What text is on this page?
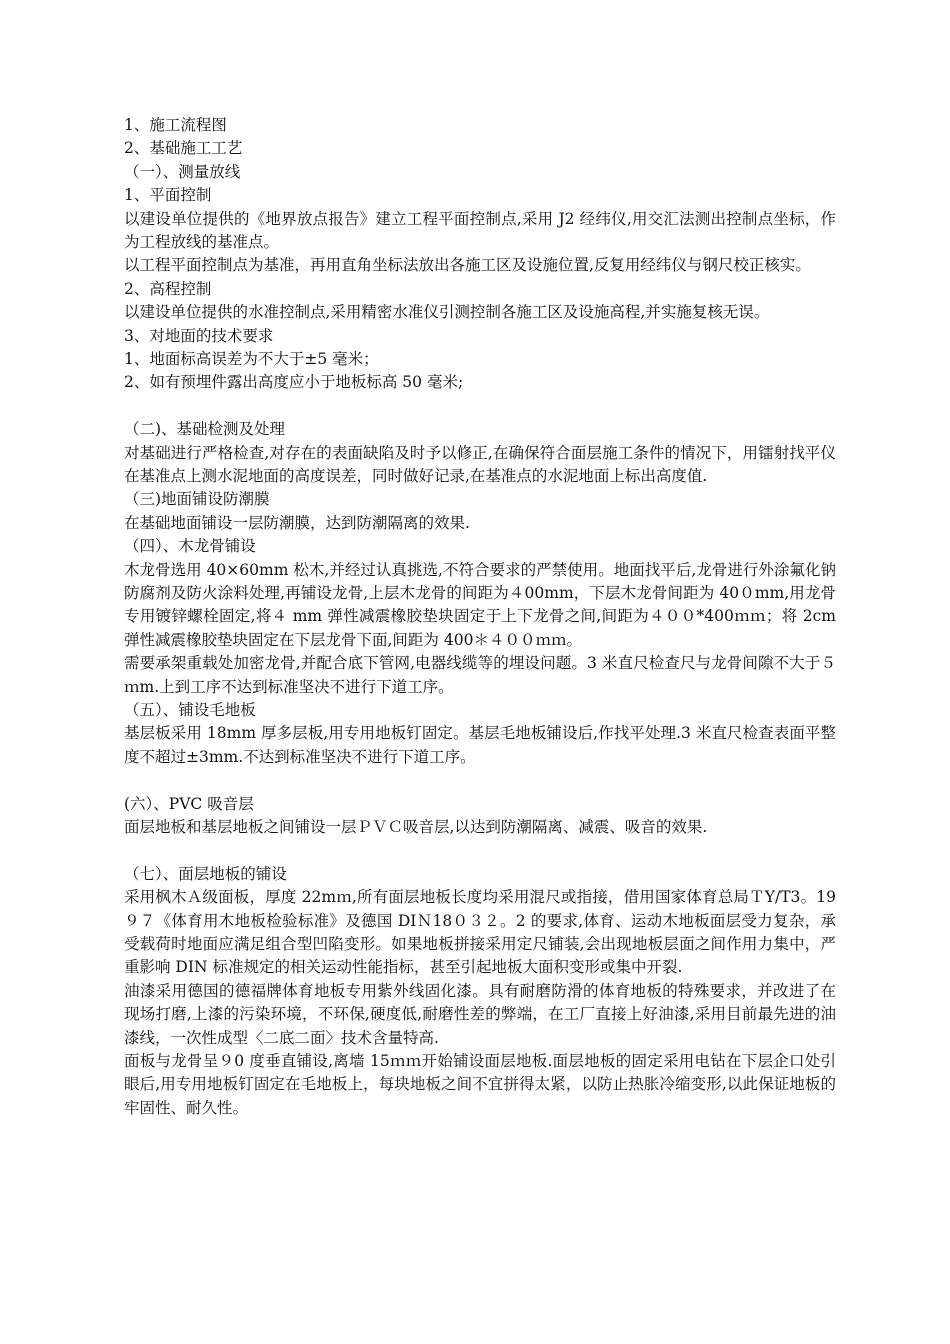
1、施工流程图
2、基础施工工艺
（一）、测量放线
1、平面控制
以建设单位提供的《地界放点报告》建立工程平面控制点,采用 J2 经纬仪,用交汇法测出控制点坐标，作为工程放线的基准点。
以工程平面控制点为基准，再用直角坐标法放出各施工区及设施位置,反复用经纬仪与钢尺校正核实。
2、高程控制
以建设单位提供的水准控制点,采用精密水准仪引测控制各施工区及设施高程,并实施复核无误。
3、对地面的技术要求
1、地面标高误差为不大于±5 毫米；
2、如有预埋件露出高度应小于地板标高 50 毫米;
（二)、基础检测及处理
对基础进行严格检查,对存在的表面缺陷及时予以修正,在确保符合面层施工条件的情况下，用镭射找平仪在基准点上测水泥地面的高度误差，同时做好记录,在基准点的水泥地面上标出高度值.
（三)地面铺设防潮膜
在基础地面铺设一层防潮膜，达到防潮隔离的效果.
（四）、木龙骨铺设
木龙骨选用 40×60mm 松木,并经过认真挑选,不符合要求的严禁使用。地面找平后,龙骨进行外涂氟化钠防腐剂及防火涂料处理,再铺设龙骨,上层木龙骨的间距为４00mm，下层木龙骨间距为 40０mm,用龙骨专用镀锌螺栓固定,将４ mm 弹性减震橡胶垫块固定于上下龙骨之间,间距为４００*400ｍｍ；将 2cm 弹性减震橡胶垫块固定在下层龙骨下面,间距为 400＊４００ｍｍ。
需要承架重载处加密龙骨,并配合底下管网,电器线缆等的埋设问题。3 米直尺检查尺与龙骨间隙不大于５ｍm.上到工序不达到标准坚决不进行下道工序。
（五）、铺设毛地板
基层板采用 18mm 厚多层板,用专用地板钉固定。基层毛地板铺设后,作找平处理.3 米直尺检查表面平整度不超过±3mm.不达到标准坚决不进行下道工序。
(六）、PVC 吸音层
面层地板和基层地板之间铺设一层ＰＶＣ吸音层,以达到防潮隔离、减震、吸音的效果.
（七）、面层地板的铺设
采用枫木Ａ级面板，厚度 22mｍ,所有面层地板长度均采用混尺或指接，借用国家体育总局ＴY/T3。19９７《体育用木地板检验标准》及德国 DIＮ18０３２。2 的要求,体育、运动木地板面层受力复杂，承受载荷时地面应满足组合型凹陷变形。如果地板拼接采用定尺铺装,会出现地板层面之间作用力集中，严重影响 DIN 标准规定的相关运动性能指标，甚至引起地板大面积变形或集中开裂.
油漆采用德国的德福牌体育地板专用紫外线固化漆。具有耐磨防滑的体育地板的特殊要求，并改进了在现场打磨,上漆的污染环境，不环保,硬度低,耐磨性差的弊端，在工厂直接上好油漆,采用目前最先进的油漆线，一次性成型〈二底二面〉技术含量特高.
面板与龙骨呈９0 度垂直铺设,离墙 15ｍｍ开始铺设面层地板.面层地板的固定采用电钻在下层企口处引眼后,用专用地板钉固定在毛地板上，每块地板之间不宜拼得太紧，以防止热胀冷缩变形,以此保证地板的牢固性、耐久性。
